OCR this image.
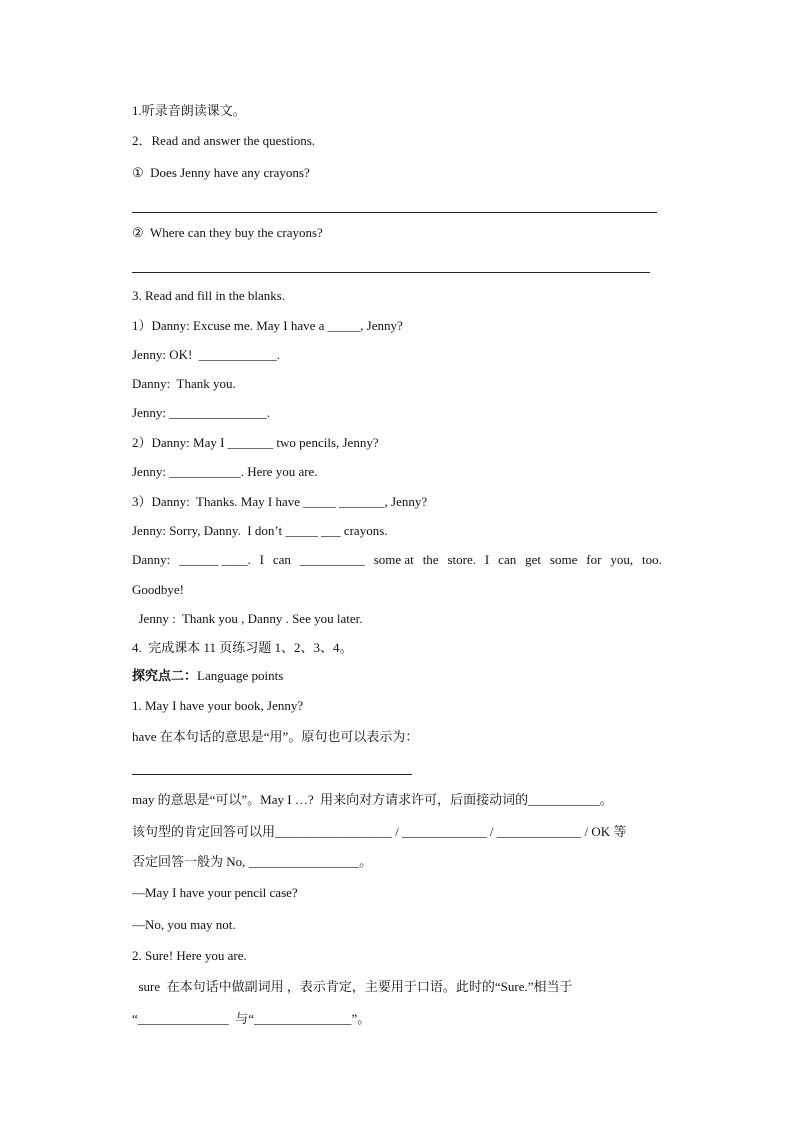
1.听录音朗读课文。
2．Read and answer the questions.
①  Does Jenny have any crayons?
②  Where can they buy the crayons?
3. Read and fill in the blanks.
1）Danny: Excuse me. May I have a _____, Jenny?
Jenny: OK!  ____________.
Danny:  Thank you.
Jenny: _______________.
2）Danny: May I _______ two pencils, Jenny?
Jenny: ___________. Here you are.
3）Danny:  Thanks. May I have _____ _______, Jenny?
Jenny: Sorry, Danny.  I don’t _____ ___ crayons.
Danny: ______ ____. I can __________ some at the store. I can get some for you, too.
Goodbye!
Jenny :  Thank you , Danny . See you later.
4.  完成课本 11 页练习题 1、2、3、4。
探究点二：Language points
1. May I have your book, Jenny?
have 在本句话的意思是“用”。原句也可以表示为：
may 的意思是“可以”。May I …?  用来向对方请求许可，后面接动词的___________。
该句型的肯定回答可以用__________________ / _____________ / _____________ / OK 等
否定回答一般为 No, _________________。
—May I have your pencil case?
—No, you may not.
2. Sure! Here you are.
sure  在本句话中做副词用 ，表示肯定，主要用于口语。此时的“Sure.”相当于
“______________  与“_______________”。
